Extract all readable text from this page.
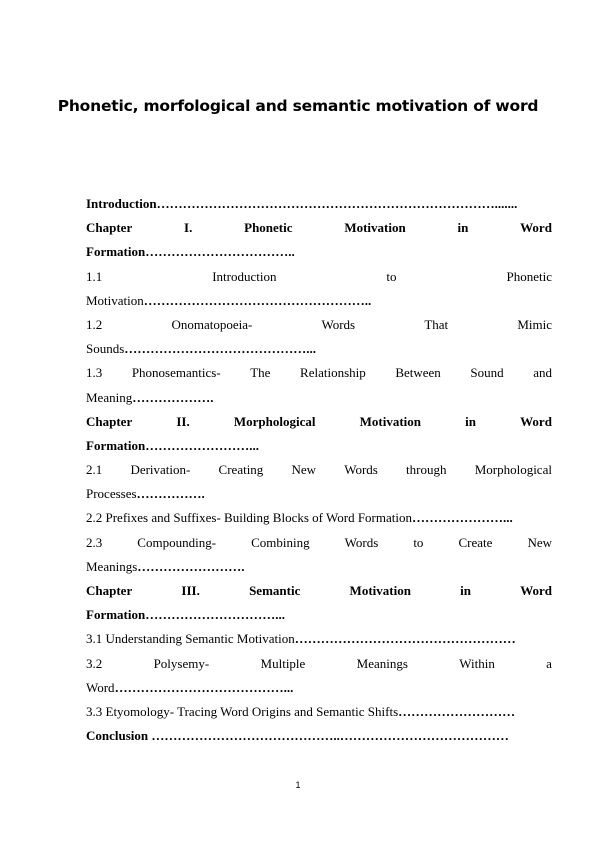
Phonetic, morfological and semantic motivation of word
Introduction…………………………………………………………………….......
Chapter	I.	Phonetic	Motivation	in	Word
Formation……………………………..
1.1	Introduction	to	Phonetic
Motivation……………………………………………..
1.2	Onomatopoeia-	Words	That	Mimic
Sounds……………………………………...
1.3 Phonosemantics- The Relationship Between Sound and
Meaning……………….
Chapter	II.	Morphological	Motivation	in	Word
Formation……………………...
2.1 Derivation- Creating New Words through Morphological
Processes…………….
2.2 Prefixes and Suffixes- Building Blocks of Word Formation…………………...
2.3	Compounding-	Combining	Words	to	Create	New
Meanings…………………….
Chapter	III.	Semantic	Motivation	in	Word
Formation…………………………...
3.1 Understanding Semantic Motivation……………………………………………
3.2	Polysemy-	Multiple	Meanings	Within	a
Word…………………………………...
3.3 Etyomology- Tracing Word Origins and Semantic Shifts………………………
Conclusion ……………………………………..…………………………………
1
